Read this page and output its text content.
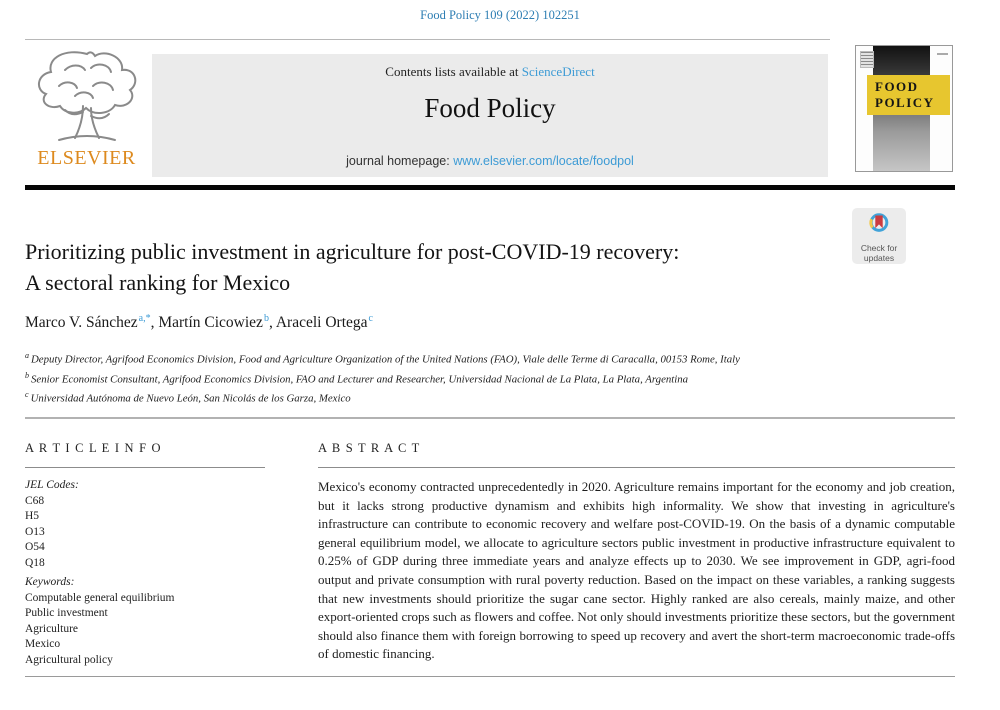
Food Policy 109 (2022) 102251
ELSEVIER
Contents lists available at ScienceDirect
Food Policy
journal homepage: www.elsevier.com/locate/foodpol
FOOD
POLICY
Check for
updates
Prioritizing public investment in agriculture for post-COVID-19 recovery:
A sectoral ranking for Mexico
Marco V. Sánchez$^{a,*}$, Martín Cicowiez$^b$, Araceli Ortega$^c$
$^a$ Deputy Director, Agrifood Economics Division, Food and Agriculture Organization of the United Nations (FAO), Viale delle Terme di Caracalla, 00153 Rome, Italy
$^b$ Senior Economist Consultant, Agrifood Economics Division, FAO and Lecturer and Researcher, Universidad Nacional de La Plata, La Plata, Argentina
$^c$ Universidad Autónoma de Nuevo León, San Nicolás de los Garza, Mexico
A R T I C L E I N F O
JEL Codes:
C68
H5
O13
O54
Q18
Keywords:
Computable general equilibrium
Public investment
Agriculture
Mexico
Agricultural policy
A B S T R A C T
Mexico's economy contracted unprecedentedly in 2020. Agriculture remains important for the economy and job creation, but it lacks strong productive dynamism and exhibits high informality. We show that investing in agriculture's infrastructure can contribute to economic recovery and welfare post-COVID-19. On the basis of a dynamic computable general equilibrium model, we allocate to agriculture sectors public investment in productive infrastructure equivalent to 0.25% of GDP during three immediate years and analyze effects up to 2030. We see improvement in GDP, agri-food output and private consumption with rural poverty reduction. Based on the impact on these variables, a ranking suggests that new investments should prioritize the sugar cane sector. Highly ranked are also cereals, mainly maize, and other export-oriented crops such as flowers and coffee. Not only should investments prioritize these sectors, but the government should also finance them with foreign borrowing to speed up recovery and avert the short-term macroeconomic trade-offs of domestic financing.
